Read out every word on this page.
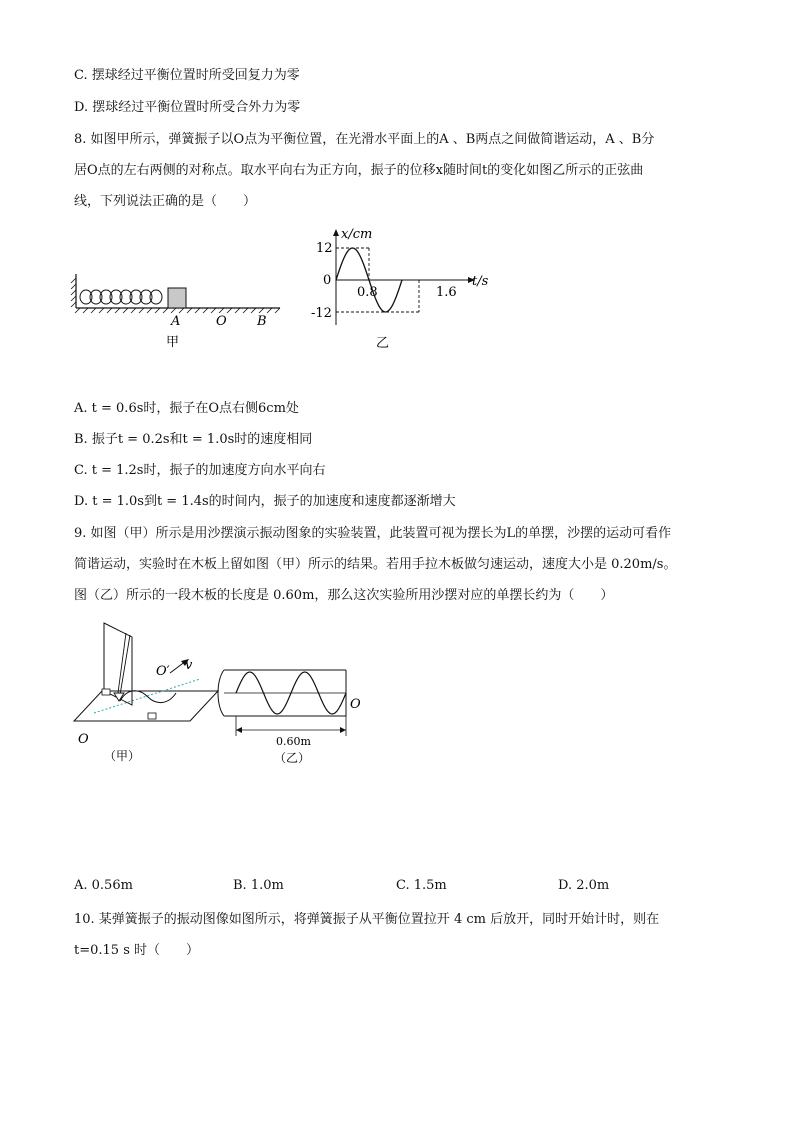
C. 摆球经过平衡位置时所受回复力为零
D. 摆球经过平衡位置时所受合外力为零
8. 如图甲所示，弹簧振子以O点为平衡位置，在光滑水平面上的A 、B两点之间做简谐运动，A 、B分
居O点的左右两侧的对称点。取水平向右为正方向，振子的位移x随时间t的变化如图乙所示的正弦曲
线，下列说法正确的是（　　）
A	O B
甲
x/cm
t/s
0
12
-12
0.8	1.6
乙
A. t = 0.6s时，振子在O点右侧6cm处
B. 振子t = 0.2s和t = 1.0s时的速度相同
C. t = 1.2s时，振子的加速度方向水平向右
D. t = 1.0s到t = 1.4s的时间内，振子的加速度和速度都逐渐增大
9. 如图（甲）所示是用沙摆演示振动图象的实验装置，此装置可视为摆长为L的单摆，沙摆的运动可看作
简谐运动，实验时在木板上留如图（甲）所示的结果。若用手拉木板做匀速运动，速度大小是 0.20m/s。
图（乙）所示的一段木板的长度是 0.60m，那么这次实验所用沙摆对应的单摆长约为（　　）
O′ v
O
（甲）
O
0.60m
（乙）
A. 0.56m	B. 1.0m	C. 1.5m	D. 2.0m
10. 某弹簧振子的振动图像如图所示，将弹簧振子从平衡位置拉开 4 cm 后放开，同时开始计时，则在
t=0.15 s 时（　　）
